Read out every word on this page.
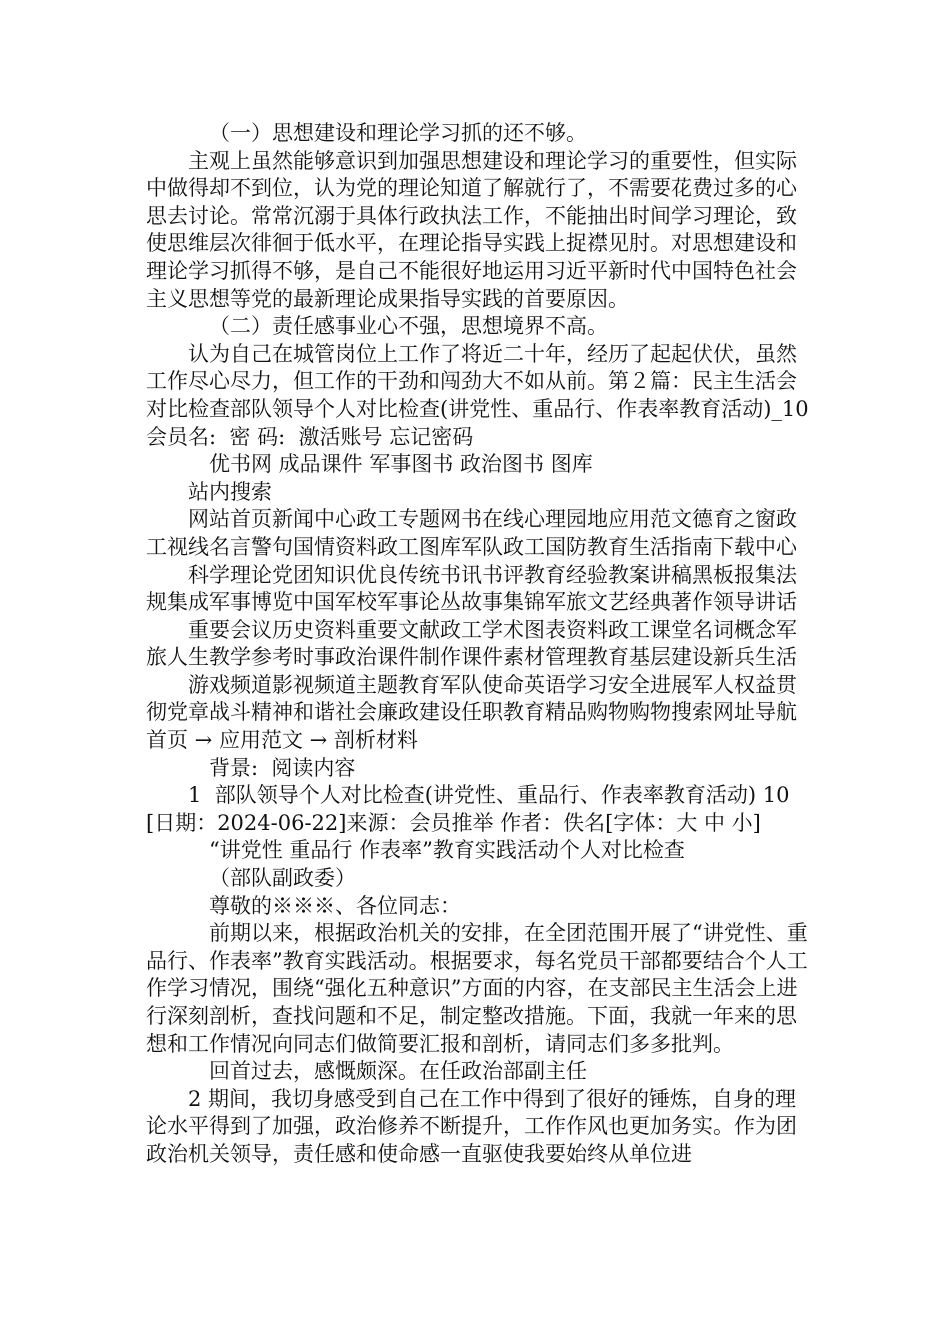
（一）思想建设和理论学习抓的还不够。

主观上虽然能够意识到加强思想建设和理论学习的重要性，但实际中做得却不到位，认为党的理论知道了解就行了，不需要花费过多的心思去讨论。常常沉溺于具体行政执法工作，不能抽出时间学习理论，致使思维层次徘徊于低水平，在理论指导实践上捉襟见肘。对思想建设和理论学习抓得不够，是自己不能很好地运用习近平新时代中国特色社会主义思想等党的最新理论成果指导实践的首要原因。

（二）责任感事业心不强，思想境界不高。

认为自己在城管岗位上工作了将近二十年，经历了起起伏伏，虽然工作尽心尽力，但工作的干劲和闯劲大不如从前。第２篇：民主生活会对比检查部队领导个人对比检查(讲党性、重品行、作表率教育活动)_10 会员名:  密 码:  激活账号 忘记密码

优书网 成品课件 军事图书 政治图书 图库

站内搜索

网站首页新闻中心政工专题网书在线心理园地应用范文德育之窗政工视线名言警句国情资料政工图库军队政工国防教育生活指南下载中心

科学理论党团知识优良传统书讯书评教育经验教案讲稿黑板报集法规集成军事博览中国军校军事论丛故事集锦军旅文艺经典著作领导讲话

重要会议历史资料重要文献政工学术图表资料政工课堂名词概念军旅人生教学参考时事政治课件制作课件素材管理教育基层建设新兵生活

游戏频道影视频道主题教育军队使命英语学习安全进展军人权益贯彻党章战斗精神和谐社会廉政建设任职教育精品购物购物搜索网址导航 首页 → 应用范文 → 剖析材料

背景:  阅读内容

1  部队领导个人对比检查(讲党性、重品行、作表率教育活动) 10 [日期：2024-06-22]来源：会员推举 作者：佚名[字体：大 中 小]

“讲党性 重品行 作表率”教育实践活动个人对比检查

（部队副政委）

尊敬的※※※、各位同志：

前期以来，根据政治机关的安排，在全团范围开展了“讲党性、重品行、作表率”教育实践活动。根据要求，每名党员干部都要结合个人工作学习情况，围绕“强化五种意识”方面的内容，在支部民主生活会上进行深刻剖析，查找问题和不足，制定整改措施。下面，我就一年来的思想和工作情况向同志们做简要汇报和剖析，请同志们多多批判。

回首过去，感慨颇深。在任政治部副主任

2 期间，我切身感受到自己在工作中得到了很好的锤炼，自身的理论水平得到了加强，政治修养不断提升，工作作风也更加务实。作为团政治机关领导，责任感和使命感一直驱使我要始终从单位进
